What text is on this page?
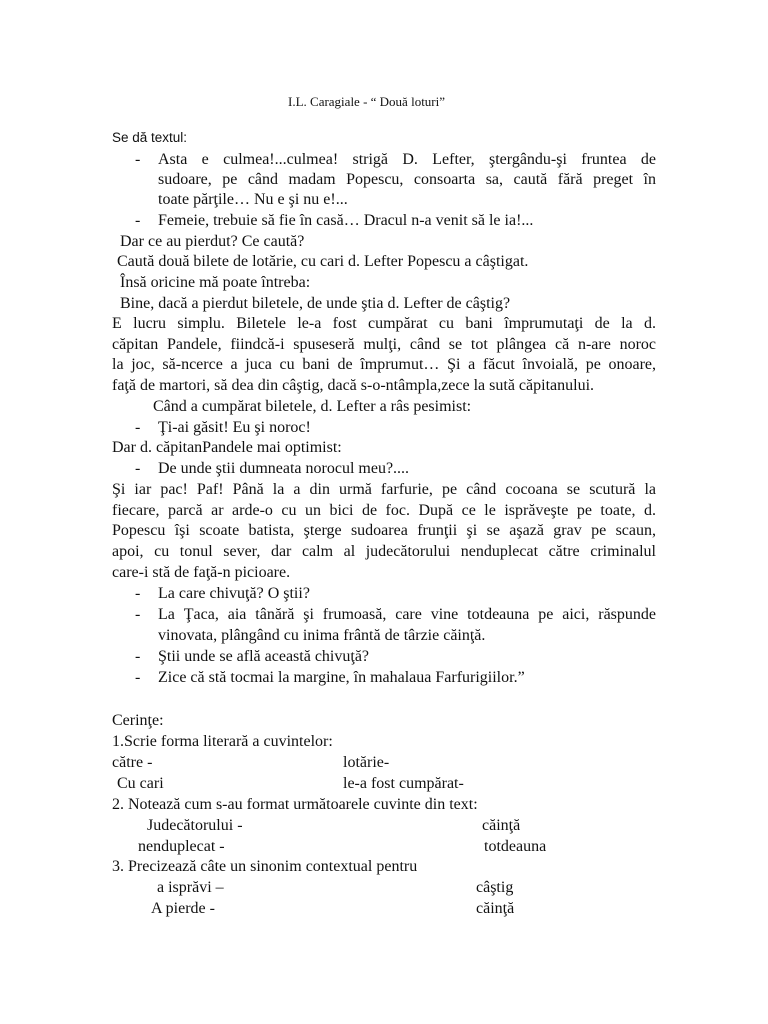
I.L. Caragiale - “ Două loturi”
Se dă textul:
- Asta e culmea!...culmea! strigă D. Lefter, ştergându-şi fruntea de
sudoare, pe când madam Popescu, consoarta sa, caută fără preget în
toate părţile… Nu e şi nu e!...
- Femeie, trebuie să fie în casă… Dracul n-a venit să le ia!...
Dar ce au pierdut? Ce caută?
Caută două bilete de lotărie, cu cari d. Lefter Popescu a câştigat.
Însă oricine mă poate întreba:
Bine, dacă a pierdut biletele, de unde ştia d. Lefter de câştig?
E lucru simplu. Biletele le-a fost cumpărat cu bani împrumutaţi de la d.
căpitan Pandele, fiindcă-i spuseseră mulţi, când se tot plângea că n-are noroc
la joc, să-ncerce a juca cu bani de împrumut… Şi a făcut învoială, pe onoare,
faţă de martori, să dea din câştig, dacă s-o-ntâmpla,zece la sută căpitanului.
Când a cumpărat biletele, d. Lefter a râs pesimist:
- Ţi-ai găsit! Eu şi noroc!
Dar d. căpitanPandele mai optimist:
- De unde ştii dumneata norocul meu?....
Şi iar pac! Paf! Până la a din urmă farfurie, pe când cocoana se scutură la
fiecare, parcă ar arde-o cu un bici de foc. După ce le isprăveşte pe toate, d.
Popescu îşi scoate batista, şterge sudoarea frunţii şi se aşază grav pe scaun,
apoi, cu tonul sever, dar calm al judecătorului nenduplecat către criminalul
care-i stă de faţă-n picioare.
- La care chivuţă? O ştii?
- La Ţaca, aia tânără şi frumoasă, care vine totdeauna pe aici, răspunde
vinovata, plângând cu inima frântă de târzie căinţă.
- Ştii unde se află această chivuţă?
- Zice că stă tocmai la margine, în mahalaua Farfurigiilor.”
Cerinţe:
1.Scrie forma literară a cuvintelor:
către -	lotărie-
Cu cari	le-a fost cumpărat-
2. Notează cum s-au format următoarele cuvinte din text:
Judecătorului -	căinţă
nenduplecat -	totdeauna
3. Precizează câte un sinonim contextual pentru
a isprăvi –	câştig
A pierde -	căinţă
